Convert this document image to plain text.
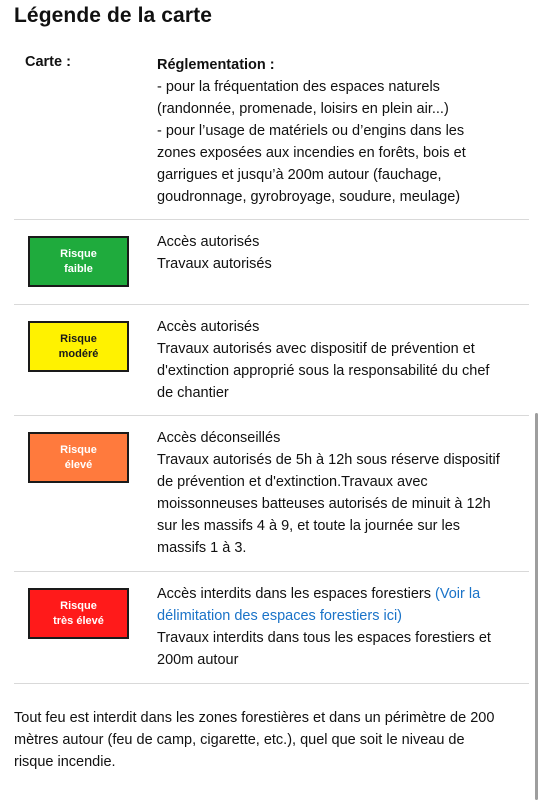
Légende de la carte
Carte :	Réglementation :
- pour la fréquentation des espaces naturels
(randonnée, promenade, loisirs en plein air...)
- pour l’usage de matériels ou d’engins dans les
zones exposées aux incendies en forêts, bois et
garrigues et jusqu’à 200m autour (fauchage,
goudronnage, gyrobroyage, soudure, meulage)
Risque
faible
Accès autorisés
Travaux autorisés
Risque
modéré
Accès autorisés
Travaux autorisés avec dispositif de prévention et
d'extinction approprié sous la responsabilité du chef
de chantier
Risque
élevé
Accès déconseillés
Travaux autorisés de 5h à 12h sous réserve dispositif
de prévention et d'extinction.Travaux avec
moissonneuses batteuses autorisés de minuit à 12h
sur les massifs 4 à 9, et toute la journée sur les
massifs 1 à 3.
Risque
très élevé
Accès interdits dans les espaces forestiers (Voir la
délimitation des espaces forestiers ici)
Travaux interdits dans tous les espaces forestiers et
200m autour
Tout feu est interdit dans les zones forestières et dans un périmètre de 200
mètres autour (feu de camp, cigarette, etc.), quel que soit le niveau de
risque incendie.
